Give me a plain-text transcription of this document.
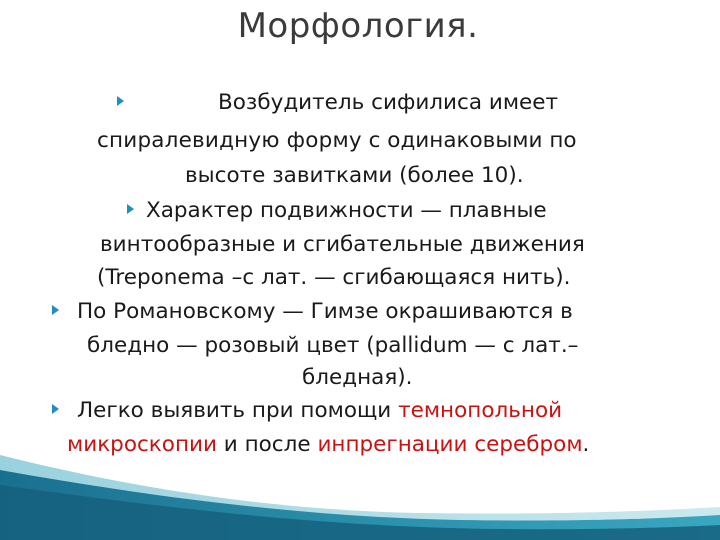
Морфология.
Возбудитель сифилиса имеет
спиралевидную форму с одинаковыми по
высоте завитками (более 10).
Характер подвижности — плавные
винтообразные и сгибательные движения
(Treponema –с лат. — сгибающаяся нить).
По Романовскому — Гимзе окрашиваются в
бледно — розовый цвет (pallidum — с лат.–
бледная).
Легко выявить при помощи темнопольной
микроскопии и после инпрегнации серебром.
